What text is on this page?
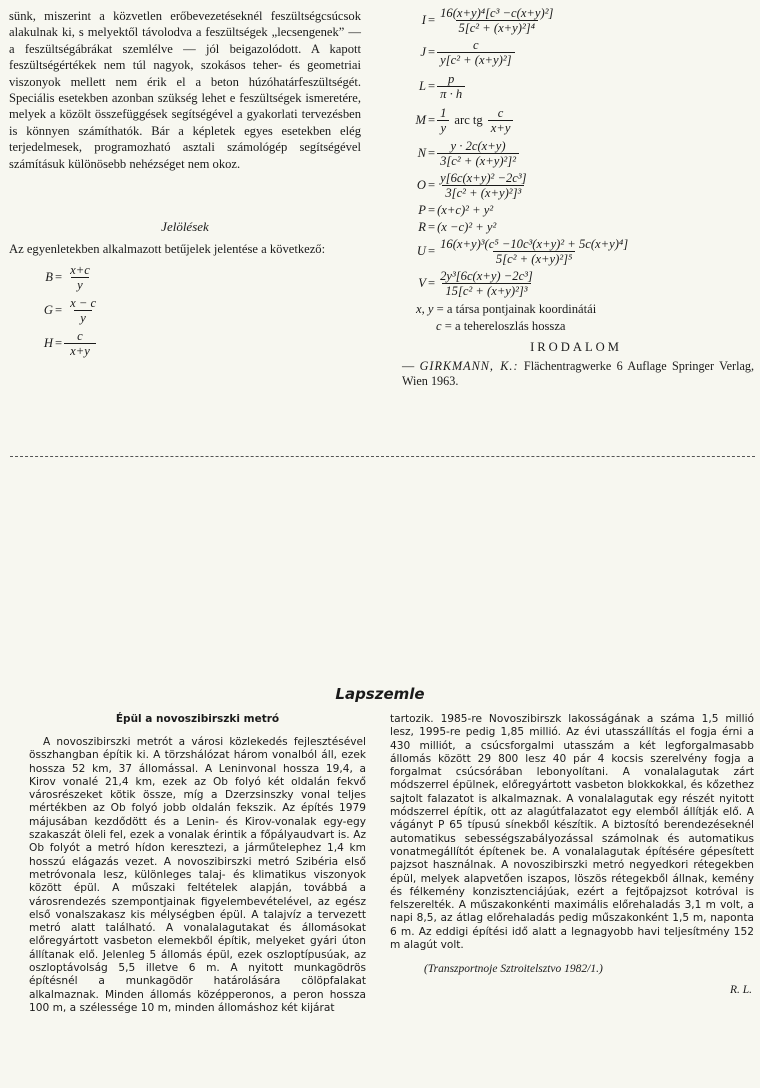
sünk, miszerint a közvetlen erőbevezetéseknél feszültségcsúcsok alakulnak ki, s melyektől távolodva a feszültségek „lecsengenek” — a feszültségábrákat szemlélve — jól beigazolódott. A kapott feszültségértékek nem túl nagyok, szokásos teher- és geometriai viszonyok mellett nem érik el a beton húzóhatárfeszültségét. Speciális esetekben azonban szükség lehet e feszültségek ismeretére, melyek a közölt összefüggések segítségével a gyakorlati tervezésben is könnyen számíthatók. Bár a képletek egyes esetekben elég terjedelmesek, programozható asztali számológép segítségével számításuk különösebb nehézséget nem okoz.

Jelölések

Az egyenletekben alkalmazott betűjelek jelentése a következő:

$B = \frac{x+c}{y}$
$G = \frac{x - c}{y}$
$H = \frac{c}{x+y}$
$I = \frac{\text{16(x+y)⁴[c³ −c(x+y)²]}}{\text{5[c² + (x+y)²]⁴}}$
$J = \frac{c}{\text{y[c² + (x+y)²]}}$
$L = \frac{p}{\pi \cdot h}$
$M = \frac{1}{y}$ arc tg $\frac{c}{x+y}$
$N = \frac{y \cdot 2c(x+y)}{\text{3[c² + (x+y)²]²}}$
$O = \frac{\text{y[6c(x+y)² −2c³]}}{\text{3[c² + (x+y)²]³}}$
P = (x+c)² + y²
R = (x −c)² + y²
$U = \frac{\text{16(x+y)³(c⁵ −10c³(x+y)² + 5c(x+y)⁴]}}{\text{5[c² + (x+y)²]⁵}}$
$V = \frac{\text{2y³[6c(x+y) −2c³]}}{\text{15[c² + (x+y)²]³}}$
x, y = a társa pontjainak koordinátái
c = a tehereloszlás hossza
IRODALOM
— GIRKMANN, K.: Flächentragwerke 6 Auflage Springer Verlag, Wien 1963.
Lapszemle
Épül a novoszibirszki metró

A novoszibirszki metrót a városi közlekedés fejlesztésével összhangban építik ki. A törzshálózat három vonalból áll, ezek hossza 52 km, 37 állomással. A Leninvonal hossza 19,4, a Kirov vonalé 21,4 km, ezek az Ob folyó két oldalán fekvő városrészeket kötik össze, míg a Dzerzsinszky vonal teljes mértékben az Ob folyó jobb oldalán fekszik. Az építés 1979 májusában kezdődött és a Lenin- és Kirov-vonalak egy-egy szakaszát öleli fel, ezek a vonalak érintik a főpályaudvart is. Az Ob folyót a metró hídon keresztezi, a járműtelephez 1,4 km hosszú elágazás vezet. A novoszibirszki metró Szibéria első metróvonala lesz, különleges talaj- és klimatikus viszonyok között épül. A műszaki feltételek alapján, továbbá a városrendezés szempontjainak figyelembevételével, az egész első vonalszakasz kis mélységben épül. A talajvíz a tervezett metró alatt található. A vonalalagutakat és állomásokat előregyártott vasbeton elemekből építik, melyeket gyári úton állítanak elő. Jelenleg 5 állomás épül, ezek oszloptípusúak, az oszloptávolság 5,5 illetve 6 m. A nyitott munkagödrös építésnél a munkagödör határolására cölöpfalakat alkalmaznak. Minden állomás középperonos, a peron hossza 100 m, a szélessége 10 m, minden állomáshoz két kijárat

tartozik. 1985-re Novoszibirszk lakosságának a száma 1,5 millió lesz, 1995-re pedig 1,85 millió. Az évi utasszállítás el fogja érni a 430 milliót, a csúcsforgalmi utasszám a két legforgalmasabb állomás között 29 800 lesz 40 pár 4 kocsis szerelvény fogja a forgalmat csúcsórában lebonyolítani. A vonalalagutak zárt módszerrel épülnek, előregyártott vasbeton blokkokkal, és kőzethez sajtolt falazatot is alkalmaznak. A vonalalagutak egy részét nyitott módszerrel építik, ott az alagútfalazatot egy elemből állítják elő. A vágányt P 65 típusú sínekből készítik. A biztosító berendezéseknél automatikus sebességszabályozással számolnak és automatikus vonatmegállítót építenek be. A vonalalagutak építésére gépesített pajzsot használnak. A novoszibirszki metró negyedkori rétegekben épül, melyek alapvetően iszapos, löszös rétegekből állnak, kemény és félkemény konzisztenciájúak, ezért a fejtőpajzsot kotróval is felszerelték. A műszakonkénti maximális előrehaladás 3,1 m volt, a napi 8,5, az átlag előrehaladás pedig műszakonként 1,5 m, naponta 6 m. Az eddigi építési idő alatt a legnagyobb havi teljesítmény 152 m alagút volt.

(Transzportnoje Sztroitelsztvo 1982/1.)
R. L.
